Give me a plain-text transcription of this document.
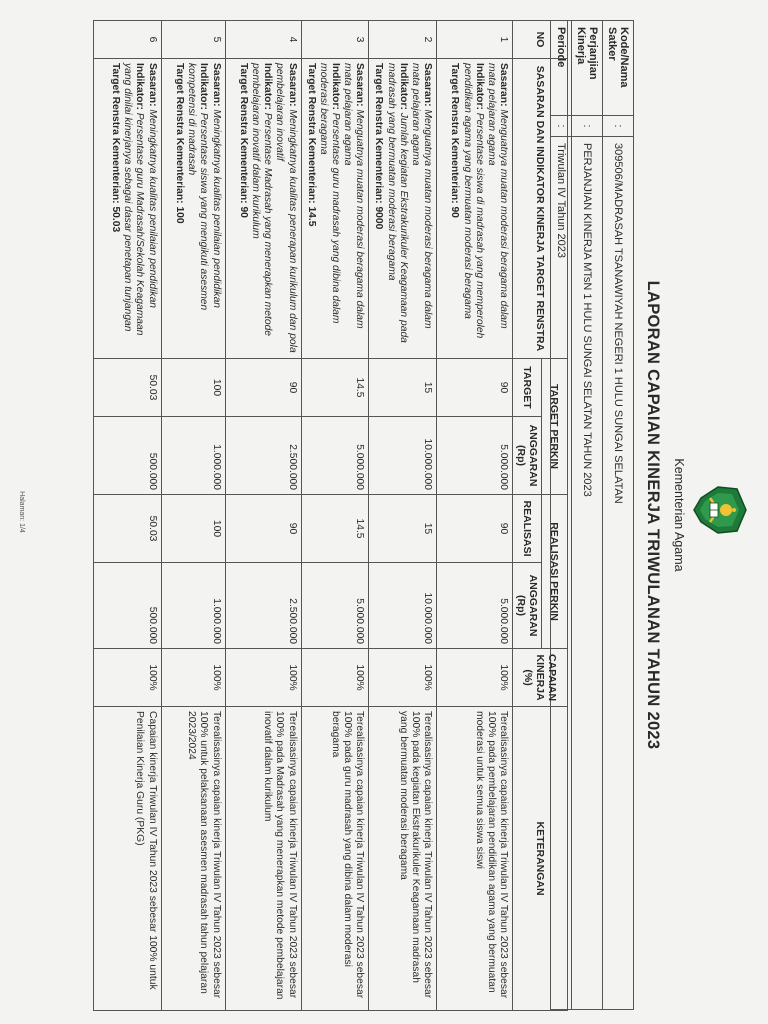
Kementerian Agama
LAPORAN CAPAIAN KINERJA TRIWULANAN TAHUN 2023
Kode/Nama Satker	:	309506/MADRASAH TSANAWIYAH NEGERI 1 HULU SUNGAI SELATAN
Perjanjian Kinerja	:	PERJANJIAN KINERJA MTsN 1 HULU SUNGAI SELATAN TAHUN 2023
Periode	:	Triwulan IV Tahun 2023
NO	SASARAN DAN INDIKATOR KINERJA TARGET RENSTRA	TARGET PERKIN		REALISASI PERKIN		CAPAIAN KINERJA (%)	KETERANGAN
		TARGET	ANGGARAN (Rp)	REALISASI	ANGGARAN (Rp)		
1	Sasaran: Menguatnya muatan moderasi beragama dalam mata pelajaran agama
Indikator: Persentase siswa di madrasah yang memperoleh pendidikan agama yang bermuatan moderasi beragama
Target Renstra Kementerian: 90	90	5.000.000	90	5.000.000	100%	Terealisasinya capaian kinerja Triwulan IV Tahun 2023 sebesar 100% pada pembelajaran pendidikan agama yang bermuatan moderasi untuk semua siswa siswi
2	Sasaran: Menguatnya muatan moderasi beragama dalam mata pelajaran agama
Indikator: Jumlah kegiatan Ekstrakurikuler Keagamaan pada madrasah yang bermuatan moderasi beragama
Target Renstra Kementerian: 9000	15	10.000.000	15	10.000.000	100%	Terealisasinya capaian kinerja Triwulan IV Tahun 2023 sebesar 100% pada kegiatan Ekstrakurikuler Keagamaan madrasah yang bermuatan moderasi beragama
3	Sasaran: Menguatnya muatan moderasi beragama dalam mata pelajaran agama
Indikator: Persentase guru madrasah yang dibina dalam moderasi beragama
Target Renstra Kementerian: 14.5	14.5	5.000.000	14.5	5.000.000	100%	Terealisasinya capaian kinerja Triwulan IV Tahun 2023 sebesar 100% pada guru madrasah yang dibina dalam moderasi beragama
4	Sasaran: Meningkatnya kualitas penerapan kurikulum dan pola pembelajaran inovatif
Indikator: Persentase Madrasah yang menerapkan metode pembelajaran inovatif dalam kurikulum
Target Renstra Kementerian: 90	90	2.500.000	90	2.500.000	100%	Terealisasinya capaian kinerja Triwulan IV Tahun 2023 sebesar 100% pada Madrasah yang menerapkan metode pembelajaran inovatif dalam kurikulum
5	Sasaran: Meningkatnya kualitas penilaian pendidikan
Indikator: Persentase siswa yang mengikuti asesmen kompetensi di madrasah
Target Renstra Kementerian: 100	100	1.000.000	100	1.000.000	100%	Terealisasinya capaian kinerja Triwulan IV Tahun 2023 sebesar 100% untuk pelaksanaan asesmen madrasah tahun pelajaran 2023/2024
6	Sasaran: Meningkatnya kualitas penilaian pendidikan
Indikator: Persentase guru Madrasah/Sekolah Keagamaan yang dinilai kinerjanya sebagai dasar penetapan tunjangan
Target Renstra Kementerian: 50.03	50.03	500.000	50.03	500.000	100%	Capaian kinerja Triwulan IV Tahun 2023 sebesar 100% untuk Penilaian Kinerja Guru (PKG)
Halaman: 1/4
